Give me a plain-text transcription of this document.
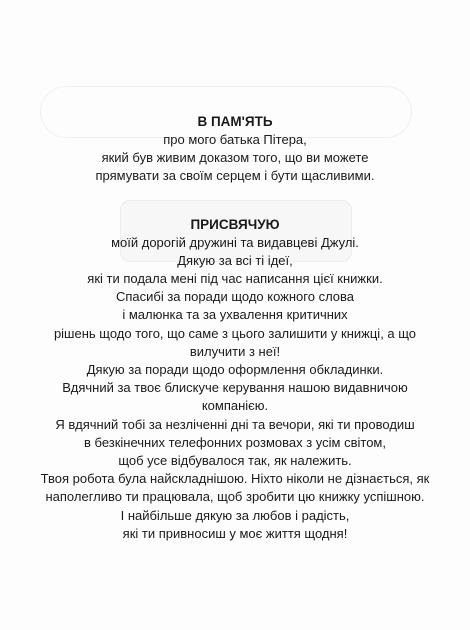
В ПАМ'ЯТЬ

про мого батька Пітера,

який був живим доказом того, що ви можете

прямувати за своїм серцем і бути щасливими.

ПРИСВЯЧУЮ

моїй дорогій дружині та видавцеві Джулі.

Дякую за всі ті ідеї,

які ти подала мені під час написання цієї книжки.

Спасибі за поради щодо кожного слова

і малюнка та за ухвалення критичних

рішень щодо того, що саме з цього залишити у книжці, а що

вилучити з неї!

Дякую за поради щодо оформлення обкладинки.

Вдячний за твоє блискуче керування нашою видавничою

компанією.

Я вдячний тобі за незліченні дні та вечори, які ти проводиш

в безкінечних телефонних розмовах з усім світом,

щоб усе відбувалося так, як належить.

Твоя робота була найскладнішою. Ніхто ніколи не дізнається, як

наполегливо ти працювала, щоб зробити цю книжку успішною.

І найбільше дякую за любов і радість,

які ти привносиш у моє життя щодня!
